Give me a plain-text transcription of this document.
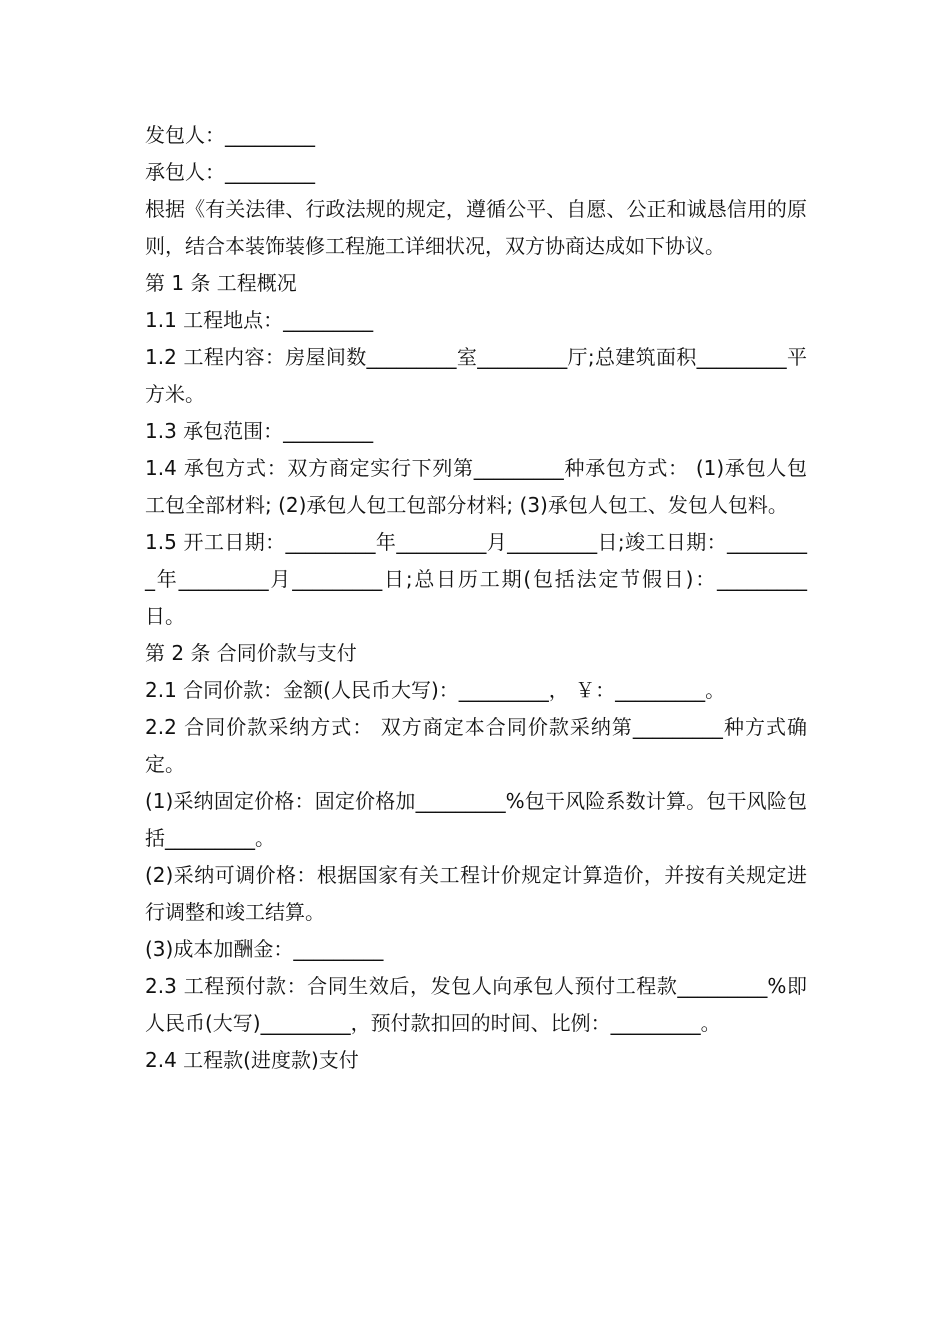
发包人：_________

承包人：_________

根据《有关法律、行政法规的规定，遵循公平、自愿、公正和诚恳信用的原则，结合本装饰装修工程施工详细状况，双方协商达成如下协议。

第 1 条 工程概况

1.1 工程地点：_________

1.2 工程内容：房屋间数_________室_________厅;总建筑面积_________平方米。

1.3 承包范围：_________

1.4 承包方式：双方商定实行下列第_________种承包方式： (1)承包人包工包全部材料; (2)承包人包工包部分材料; (3)承包人包工、发包人包料。

1.5 开工日期：_________年_________月_________日;竣工日期：_________年_________月_________日;总日历工期(包括法定节假日)：_________日。

第 2 条 合同价款与支付

2.1 合同价款：金额(人民币大写)：_________， ￥：_________。

2.2 合同价款采纳方式： 双方商定本合同价款采纳第_________种方式确定。

(1)采纳固定价格：固定价格加_________%包干风险系数计算。包干风险包括_________。

(2)采纳可调价格：根据国家有关工程计价规定计算造价，并按有关规定进行调整和竣工结算。

(3)成本加酬金：_________

2.3 工程预付款：合同生效后，发包人向承包人预付工程款_________%即人民币(大写)_________，预付款扣回的时间、比例：_________。

2.4 工程款(进度款)支付
